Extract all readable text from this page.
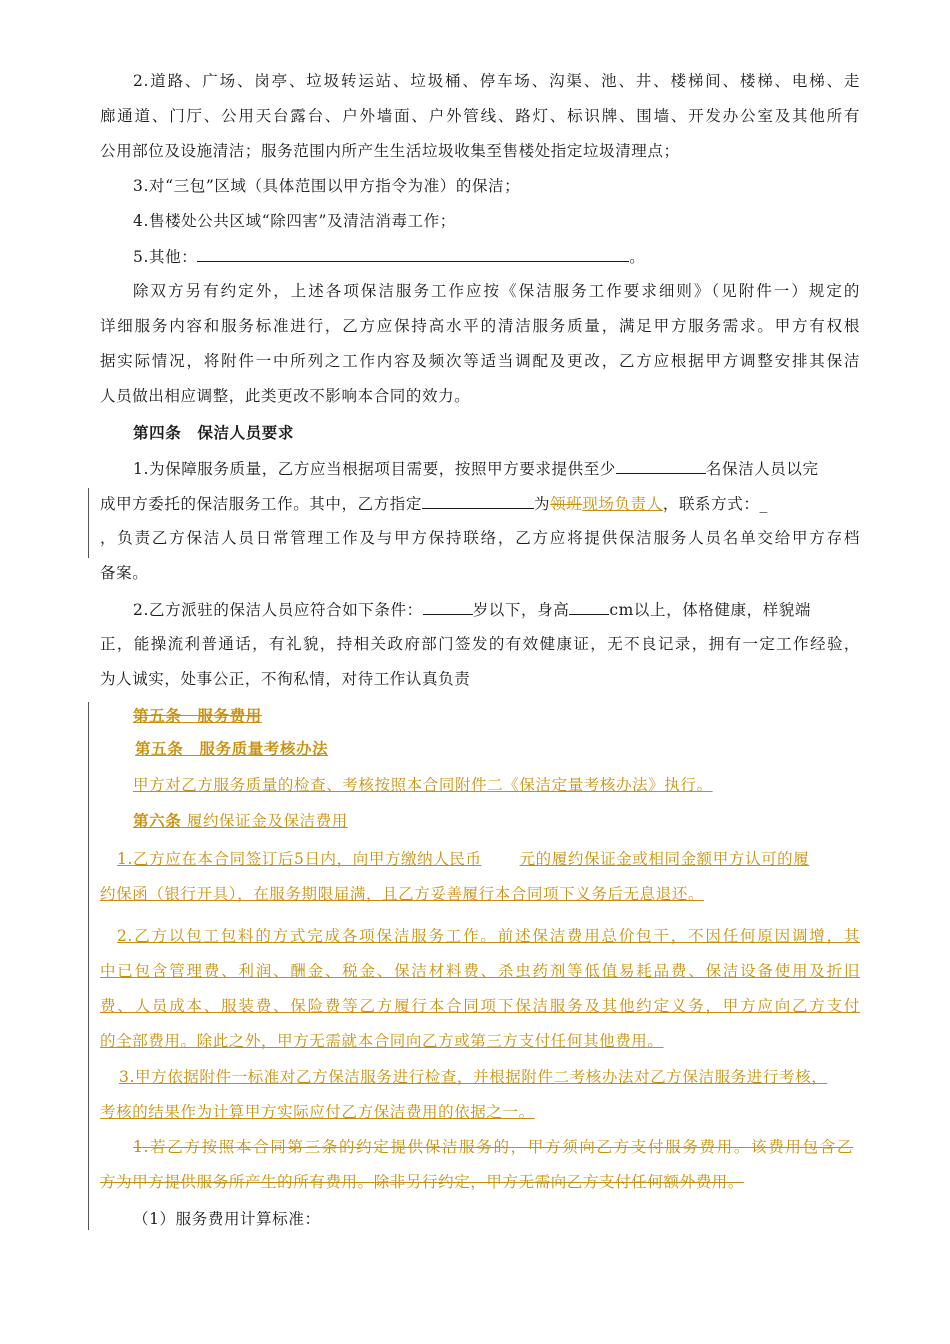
2.道路、广场、岗亭、垃圾转运站、垃圾桶、停车场、沟渠、池、井、楼梯间、楼梯、电梯、走
廊通道、门厅、公用天台露台、户外墙面、户外管线、路灯、标识牌、围墙、开发办公室及其他所有
公用部位及设施清洁；服务范围内所产生生活垃圾收集至售楼处指定垃圾清理点；
3.对“三包”区域（具体范围以甲方指令为准）的保洁；
4.售楼处公共区域“除四害”及清洁消毒工作；
5.其他：	。
除双方另有约定外，上述各项保洁服务工作应按《保洁服务工作要求细则》（见附件一）规定的
详细服务内容和服务标准进行，乙方应保持高水平的清洁服务质量，满足甲方服务需求。甲方有权根
据实际情况，将附件一中所列之工作内容及频次等适当调配及更改，乙方应根据甲方调整安排其保洁
人员做出相应调整，此类更改不影响本合同的效力。
第四条　保洁人员要求
1.为保障服务质量，乙方应当根据项目需要，按照甲方要求提供至少	名保洁人员以完
成甲方委托的保洁服务工作。其中，乙方指定	为领班现场负责人，联系方式：_
，负责乙方保洁人员日常管理工作及与甲方保持联络，乙方应将提供保洁服务人员名单交给甲方存档
备案。
2.乙方派驻的保洁人员应符合如下条件：	岁以下，身高	cm以上，体格健康，样貌端
正，能操流利普通话，有礼貌，持相关政府部门签发的有效健康证，无不良记录，拥有一定工作经验，
为人诚实，处事公正，不徇私情，对待工作认真负责
第五条　服务费用
第五条　服务质量考核办法
甲方对乙方服务质量的检查、考核按照本合同附件二《保洁定量考核办法》执行。
第六条 履约保证金及保洁费用
1.乙方应在本合同签订后5日内，向甲方缴纳人民币 元的履约保证金或相同金额甲方认可的履
约保函（银行开具），在服务期限届满，且乙方妥善履行本合同项下义务后无息退还。
2.乙方以包工包料的方式完成各项保洁服务工作。前述保洁费用总价包干，不因任何原因调增，其
中已包含管理费、利润、酬金、税金、保洁材料费、杀虫药剂等低值易耗品费、保洁设备使用及折旧
费、人员成本、服装费、保险费等乙方履行本合同项下保洁服务及其他约定义务，甲方应向乙方支付
的全部费用。除此之外，甲方无需就本合同向乙方或第三方支付任何其他费用。
3.甲方依据附件一标准对乙方保洁服务进行检查，并根据附件二考核办法对乙方保洁服务进行考核，
考核的结果作为计算甲方实际应付乙方保洁费用的依据之一。
1.若乙方按照本合同第三条的约定提供保洁服务的，甲方须向乙方支付服务费用。该费用包含乙
方为甲方提供服务所产生的所有费用。除非另行约定，甲方无需向乙方支付任何额外费用。
（1）服务费用计算标准：
